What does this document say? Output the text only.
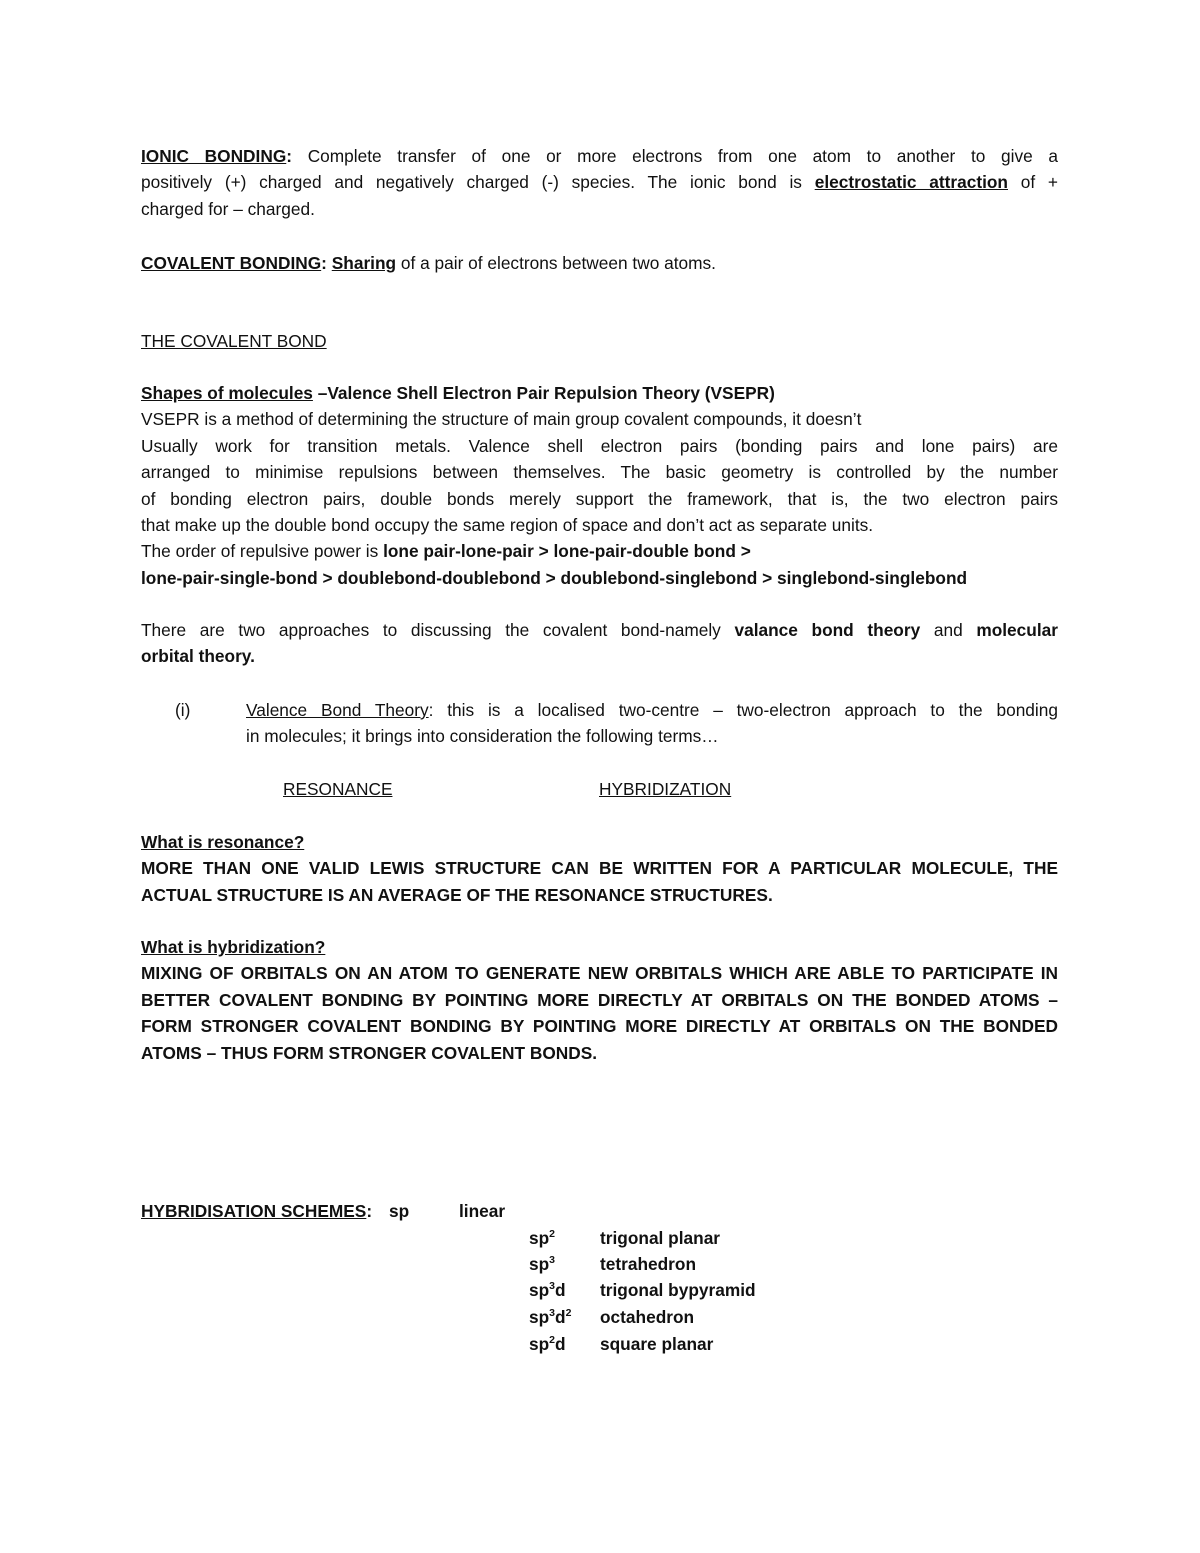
IONIC BONDING: Complete transfer of one or more electrons from one atom to another to give a
positively (+) charged and negatively charged (-) species. The ionic bond is electrostatic attraction of +
charged for – charged.
COVALENT BONDING: Sharing of a pair of electrons between two atoms.
THE COVALENT BOND
Shapes of molecules –Valence Shell Electron Pair Repulsion Theory (VSEPR)
VSEPR is a method of determining the structure of main group covalent compounds, it doesn’t
Usually work for transition metals. Valence shell electron pairs (bonding pairs and lone pairs) are
arranged to minimise repulsions between themselves. The basic geometry is controlled by the number
of bonding electron pairs, double bonds merely support the framework, that is, the two electron pairs
that make up the double bond occupy the same region of space and don’t act as separate units.
The order of repulsive power is lone pair-lone-pair > lone-pair-double bond >
lone-pair-single-bond > doublebond-doublebond > doublebond-singlebond > singlebond-singlebond
There are two approaches to discussing the covalent bond-namely valance bond theory and molecular
orbital theory.
(i)	Valence Bond Theory: this is a localised two-centre – two-electron approach to the bonding
in molecules; it brings into consideration the following terms…
RESONANCE	HYBRIDIZATION
What is resonance?
MORE THAN ONE VALID LEWIS STRUCTURE CAN BE WRITTEN FOR A PARTICULAR MOLECULE, THE
ACTUAL STRUCTURE IS AN AVERAGE OF THE RESONANCE STRUCTURES.
What is hybridization?
MIXING OF ORBITALS ON AN ATOM TO GENERATE NEW ORBITALS WHICH ARE ABLE TO PARTICIPATE IN
BETTER COVALENT BONDING BY POINTING MORE DIRECTLY AT ORBITALS ON THE BONDED ATOMS –
FORM STRONGER COVALENT BONDING BY POINTING MORE DIRECTLY AT ORBITALS ON THE BONDED
ATOMS – THUS FORM STRONGER COVALENT BONDS.
HYBRIDISATION SCHEMES: sp	linear
$sp^2$	trigonal planar
$sp^3$	tetrahedron
$sp^3d$ trigonal bypyramid
$sp^3d^2$ octahedron
$sp^2d$ square planar
